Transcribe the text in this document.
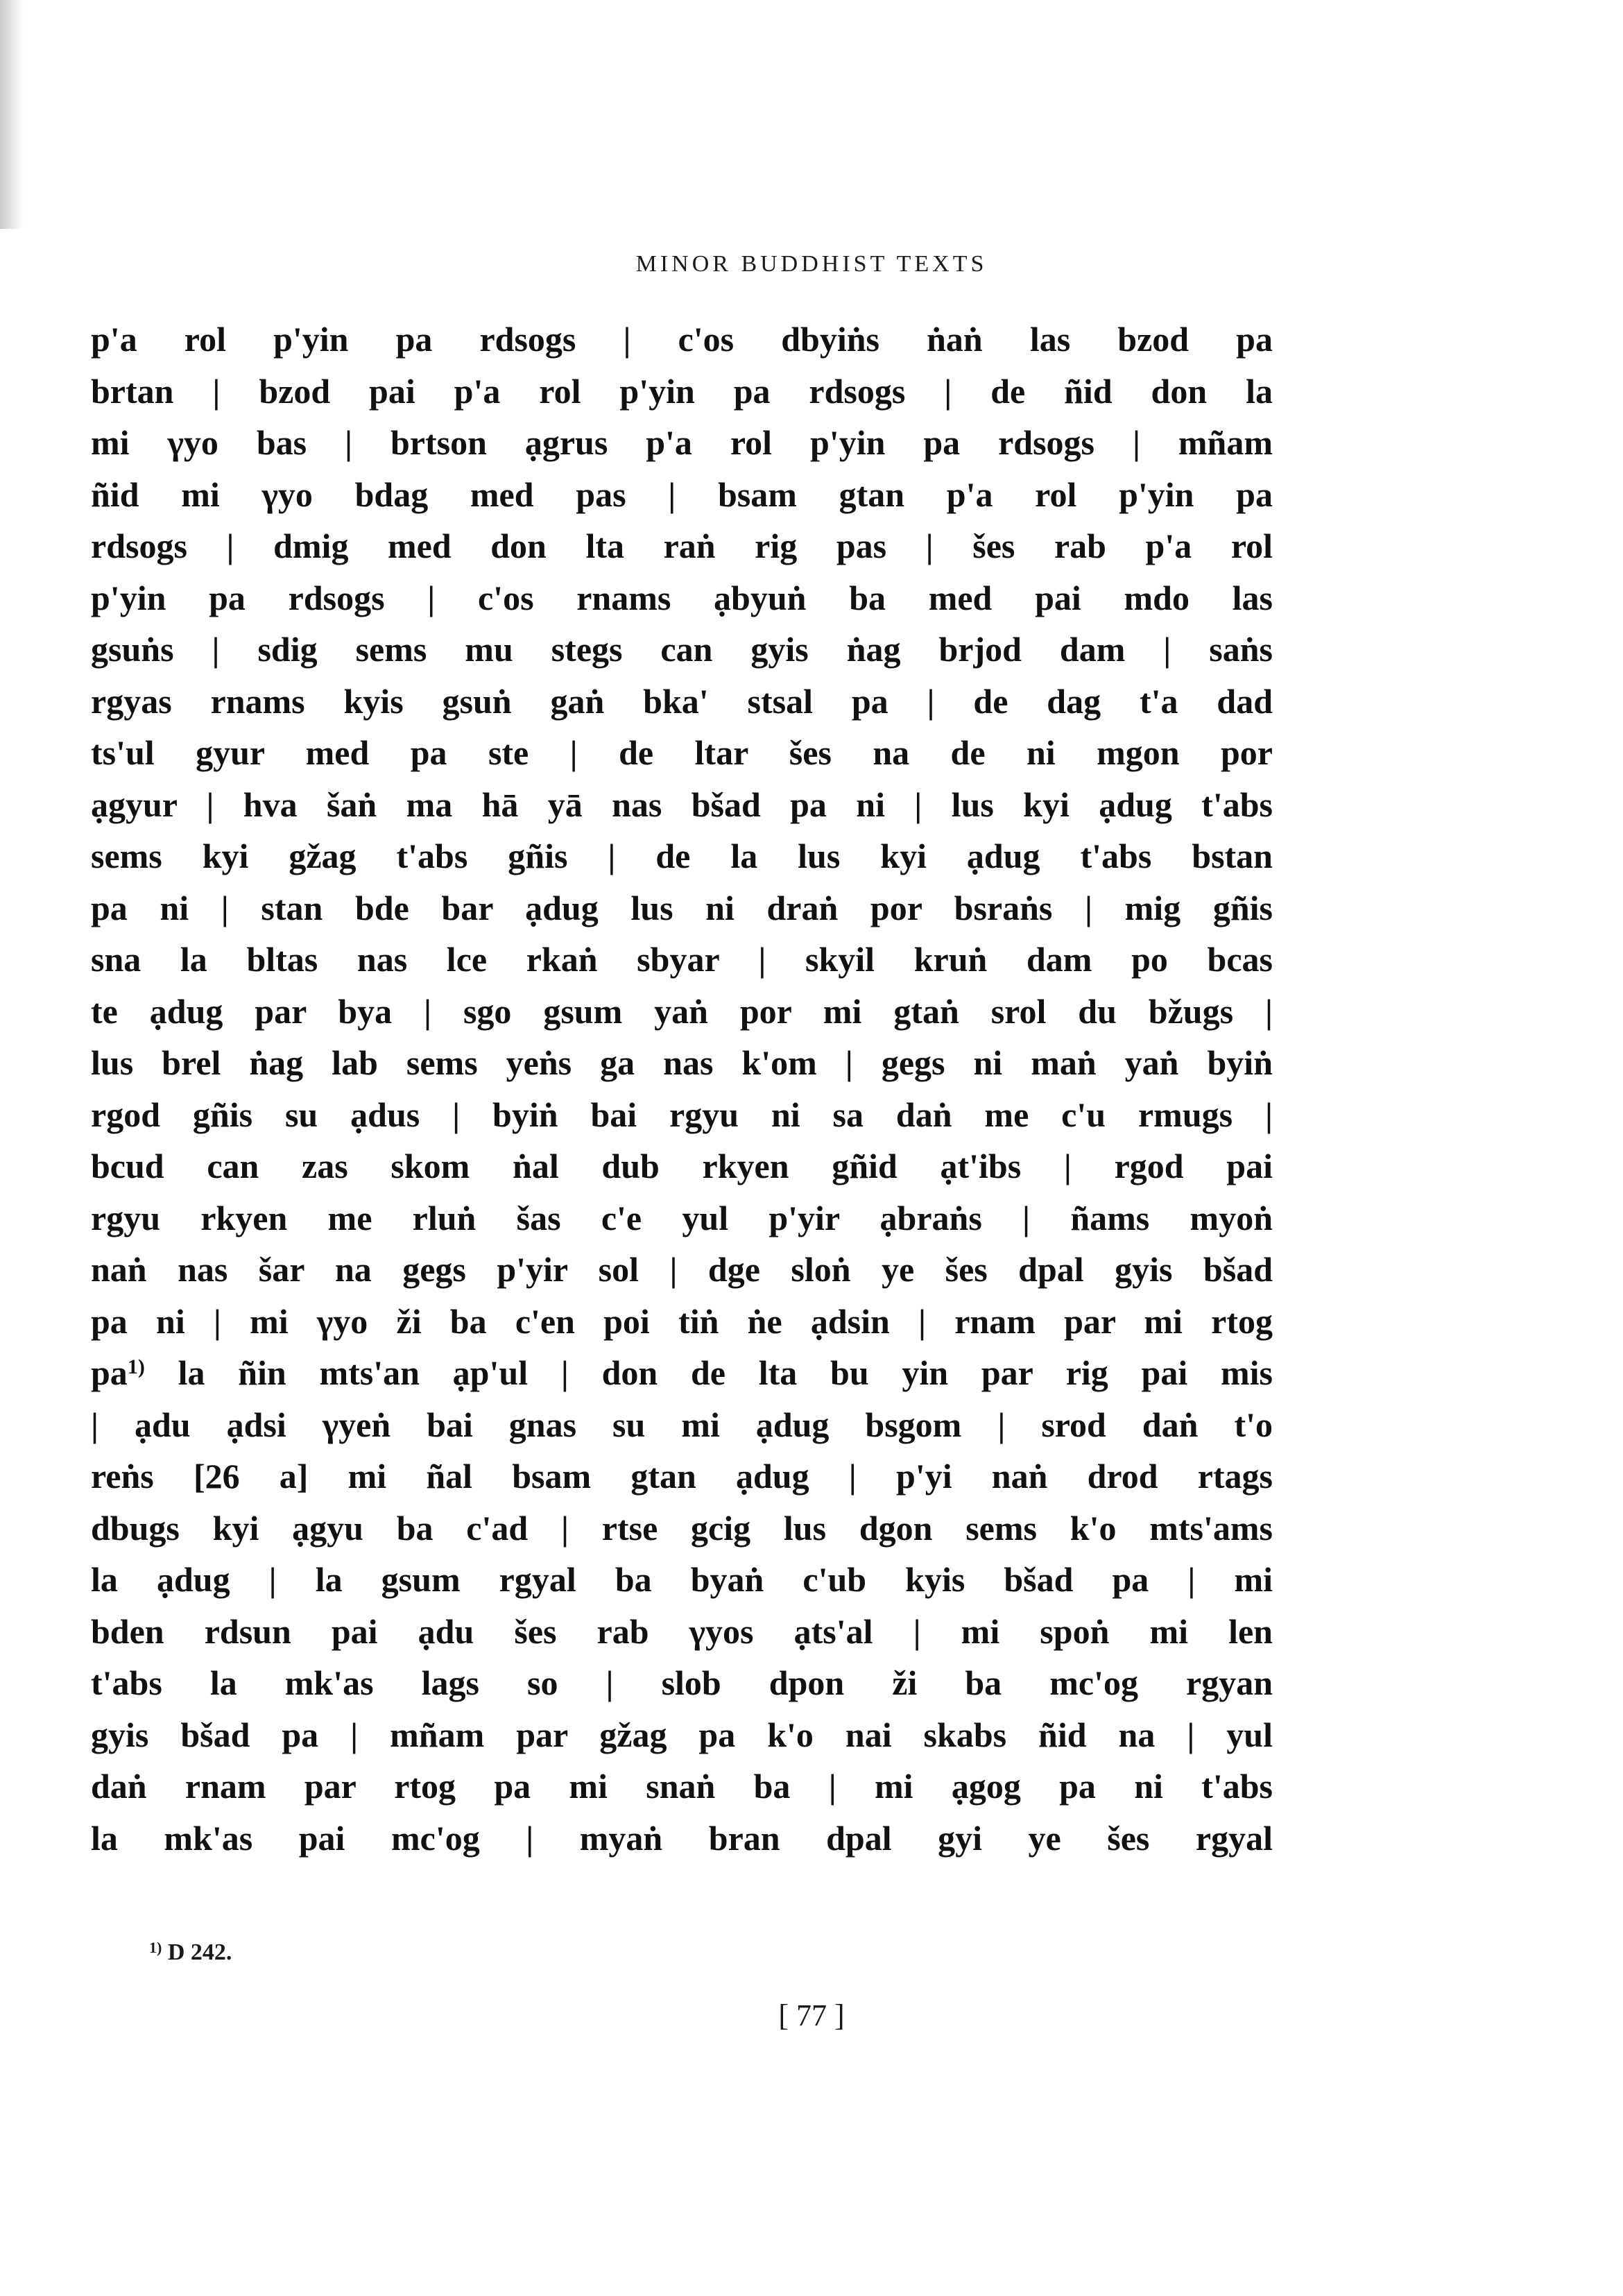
MINOR BUDDHIST TEXTS
p'a rol p'yin pa rdsogs | c'os dbyiṅs ṅaṅ las bzod pa
brtan | bzod pai p'a rol p'yin pa rdsogs | de ñid don la
mi γyo bas | brtson ạgrus p'a rol p'yin pa rdsogs | mñam
ñid mi γyo bdag med pas | bsam gtan p'a rol p'yin pa
rdsogs | dmig med don lta raṅ rig pas | šes rab p'a rol
p'yin pa rdsogs | c'os rnams ạbyuṅ ba med pai mdo las
gsuṅs | sdig sems mu stegs can gyis ṅag brjod dam | saṅs
rgyas rnams kyis gsuṅ gaṅ bka' stsal pa | de dag t'a dad
ts'ul gyur med pa ste | de ltar šes na de ni mgon por
ạgyur | hva šaṅ ma hā yā nas bšad pa ni | lus kyi ạdug t'abs
sems kyi gžag t'abs gñis | de la lus kyi ạdug t'abs bstan
pa ni | stan bde bar ạdug lus ni draṅ por bsraṅs | mig gñis
sna la bltas nas lce rkaṅ sbyar | skyil kruṅ dam po bcas
te ạdug par bya | sgo gsum yaṅ por mi gtaṅ srol du bžugs |
lus brel ṅag lab sems yeṅs ga nas k'om | gegs ni maṅ yaṅ byiṅ
rgod gñis su ạdus | byiṅ bai rgyu ni sa daṅ me c'u rmugs |
bcud can zas skom ṅal dub rkyen gñid ạt'ibs | rgod pai
rgyu rkyen me rluṅ šas c'e yul p'yir ạbraṅs | ñams myoṅ
naṅ nas šar na gegs p'yir sol | dge sloṅ ye šes dpal gyis bšad
pa ni | mi γyo ži ba c'en poi tiṅ ṅe ạdsin | rnam par mi rtog
pa$^{1)}$ la ñin mts'an ạp'ul | don de lta bu yin par rig pai mis
| ạdu ạdsi γyeṅ bai gnas su mi ạdug bsgom | srod daṅ t'o
reṅs [26 a] mi ñal bsam gtan ạdug | p'yi naṅ drod rtags
dbugs kyi ạgyu ba c'ad | rtse gcig lus dgon sems k'o mts'ams
la ạdug | la gsum rgyal ba byaṅ c'ub kyis bšad pa | mi
bden rdsun pai ạdu šes rab γyos ạts'al | mi spoṅ mi len
t'abs la mk'as lags so | slob dpon ži ba mc'og rgyan
gyis bšad pa | mñam par gžag pa k'o nai skabs ñid na | yul
daṅ rnam par rtog pa mi snaṅ ba | mi ạgog pa ni t'abs
la mk'as pai mc'og | myaṅ bran dpal gyi ye šes rgyal
$^{1)}$ D 242.
[ 77 ]
